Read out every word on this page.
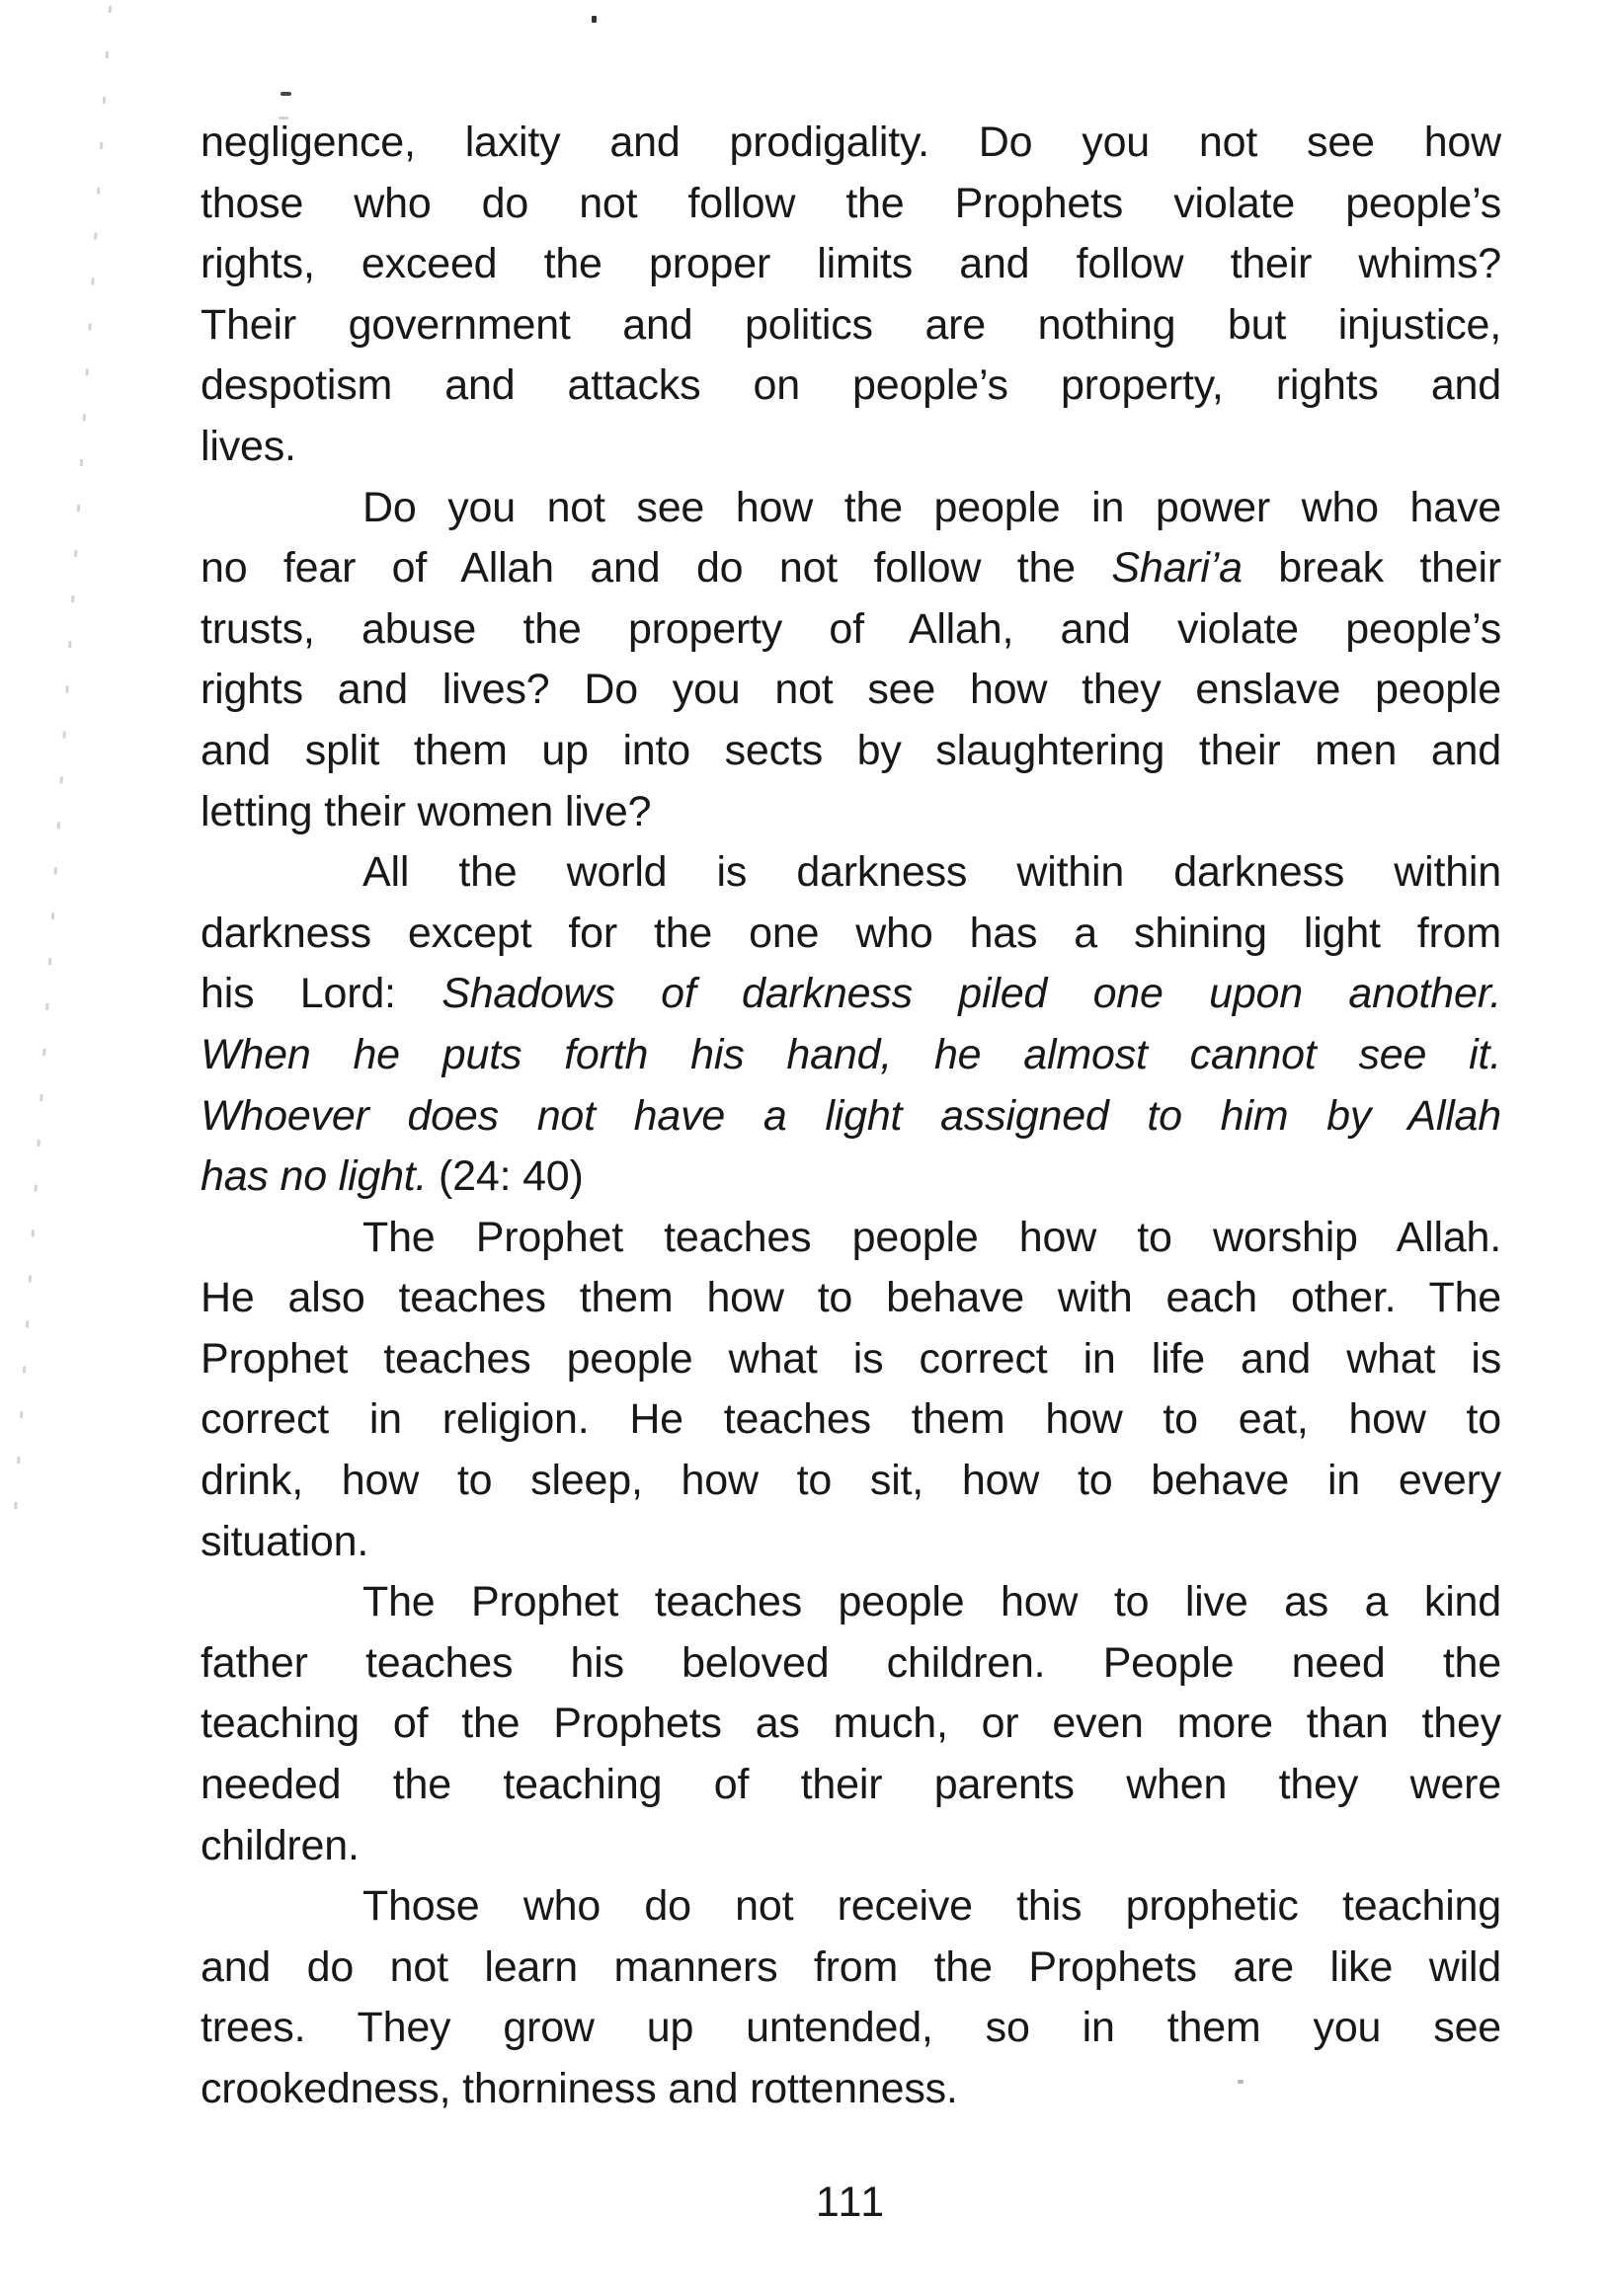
negligence, laxity and prodigality. Do you not see how
those who do not follow the Prophets violate people’s
rights, exceed the proper limits and follow their whims?
Their government and politics are nothing but injustice,
despotism and attacks on people’s property, rights and
lives.
Do you not see how the people in power who have
no fear of Allah and do not follow the Shari’a break their
trusts, abuse the property of Allah, and violate people’s
rights and lives? Do you not see how they enslave people
and split them up into sects by slaughtering their men and
letting their women live?
All the world is darkness within darkness within
darkness except for the one who has a shining light from
his Lord: Shadows of darkness piled one upon another.
When he puts forth his hand, he almost cannot see it.
Whoever does not have a light assigned to him by Allah
has no light. (24: 40)
The Prophet teaches people how to worship Allah.
He also teaches them how to behave with each other. The
Prophet teaches people what is correct in life and what is
correct in religion. He teaches them how to eat, how to
drink, how to sleep, how to sit, how to behave in every
situation.
The Prophet teaches people how to live as a kind
father teaches his beloved children. People need the
teaching of the Prophets as much, or even more than they
needed the teaching of their parents when they were
children.
Those who do not receive this prophetic teaching
and do not learn manners from the Prophets are like wild
trees. They grow up untended, so in them you see
crookedness, thorniness and rottenness.
111
